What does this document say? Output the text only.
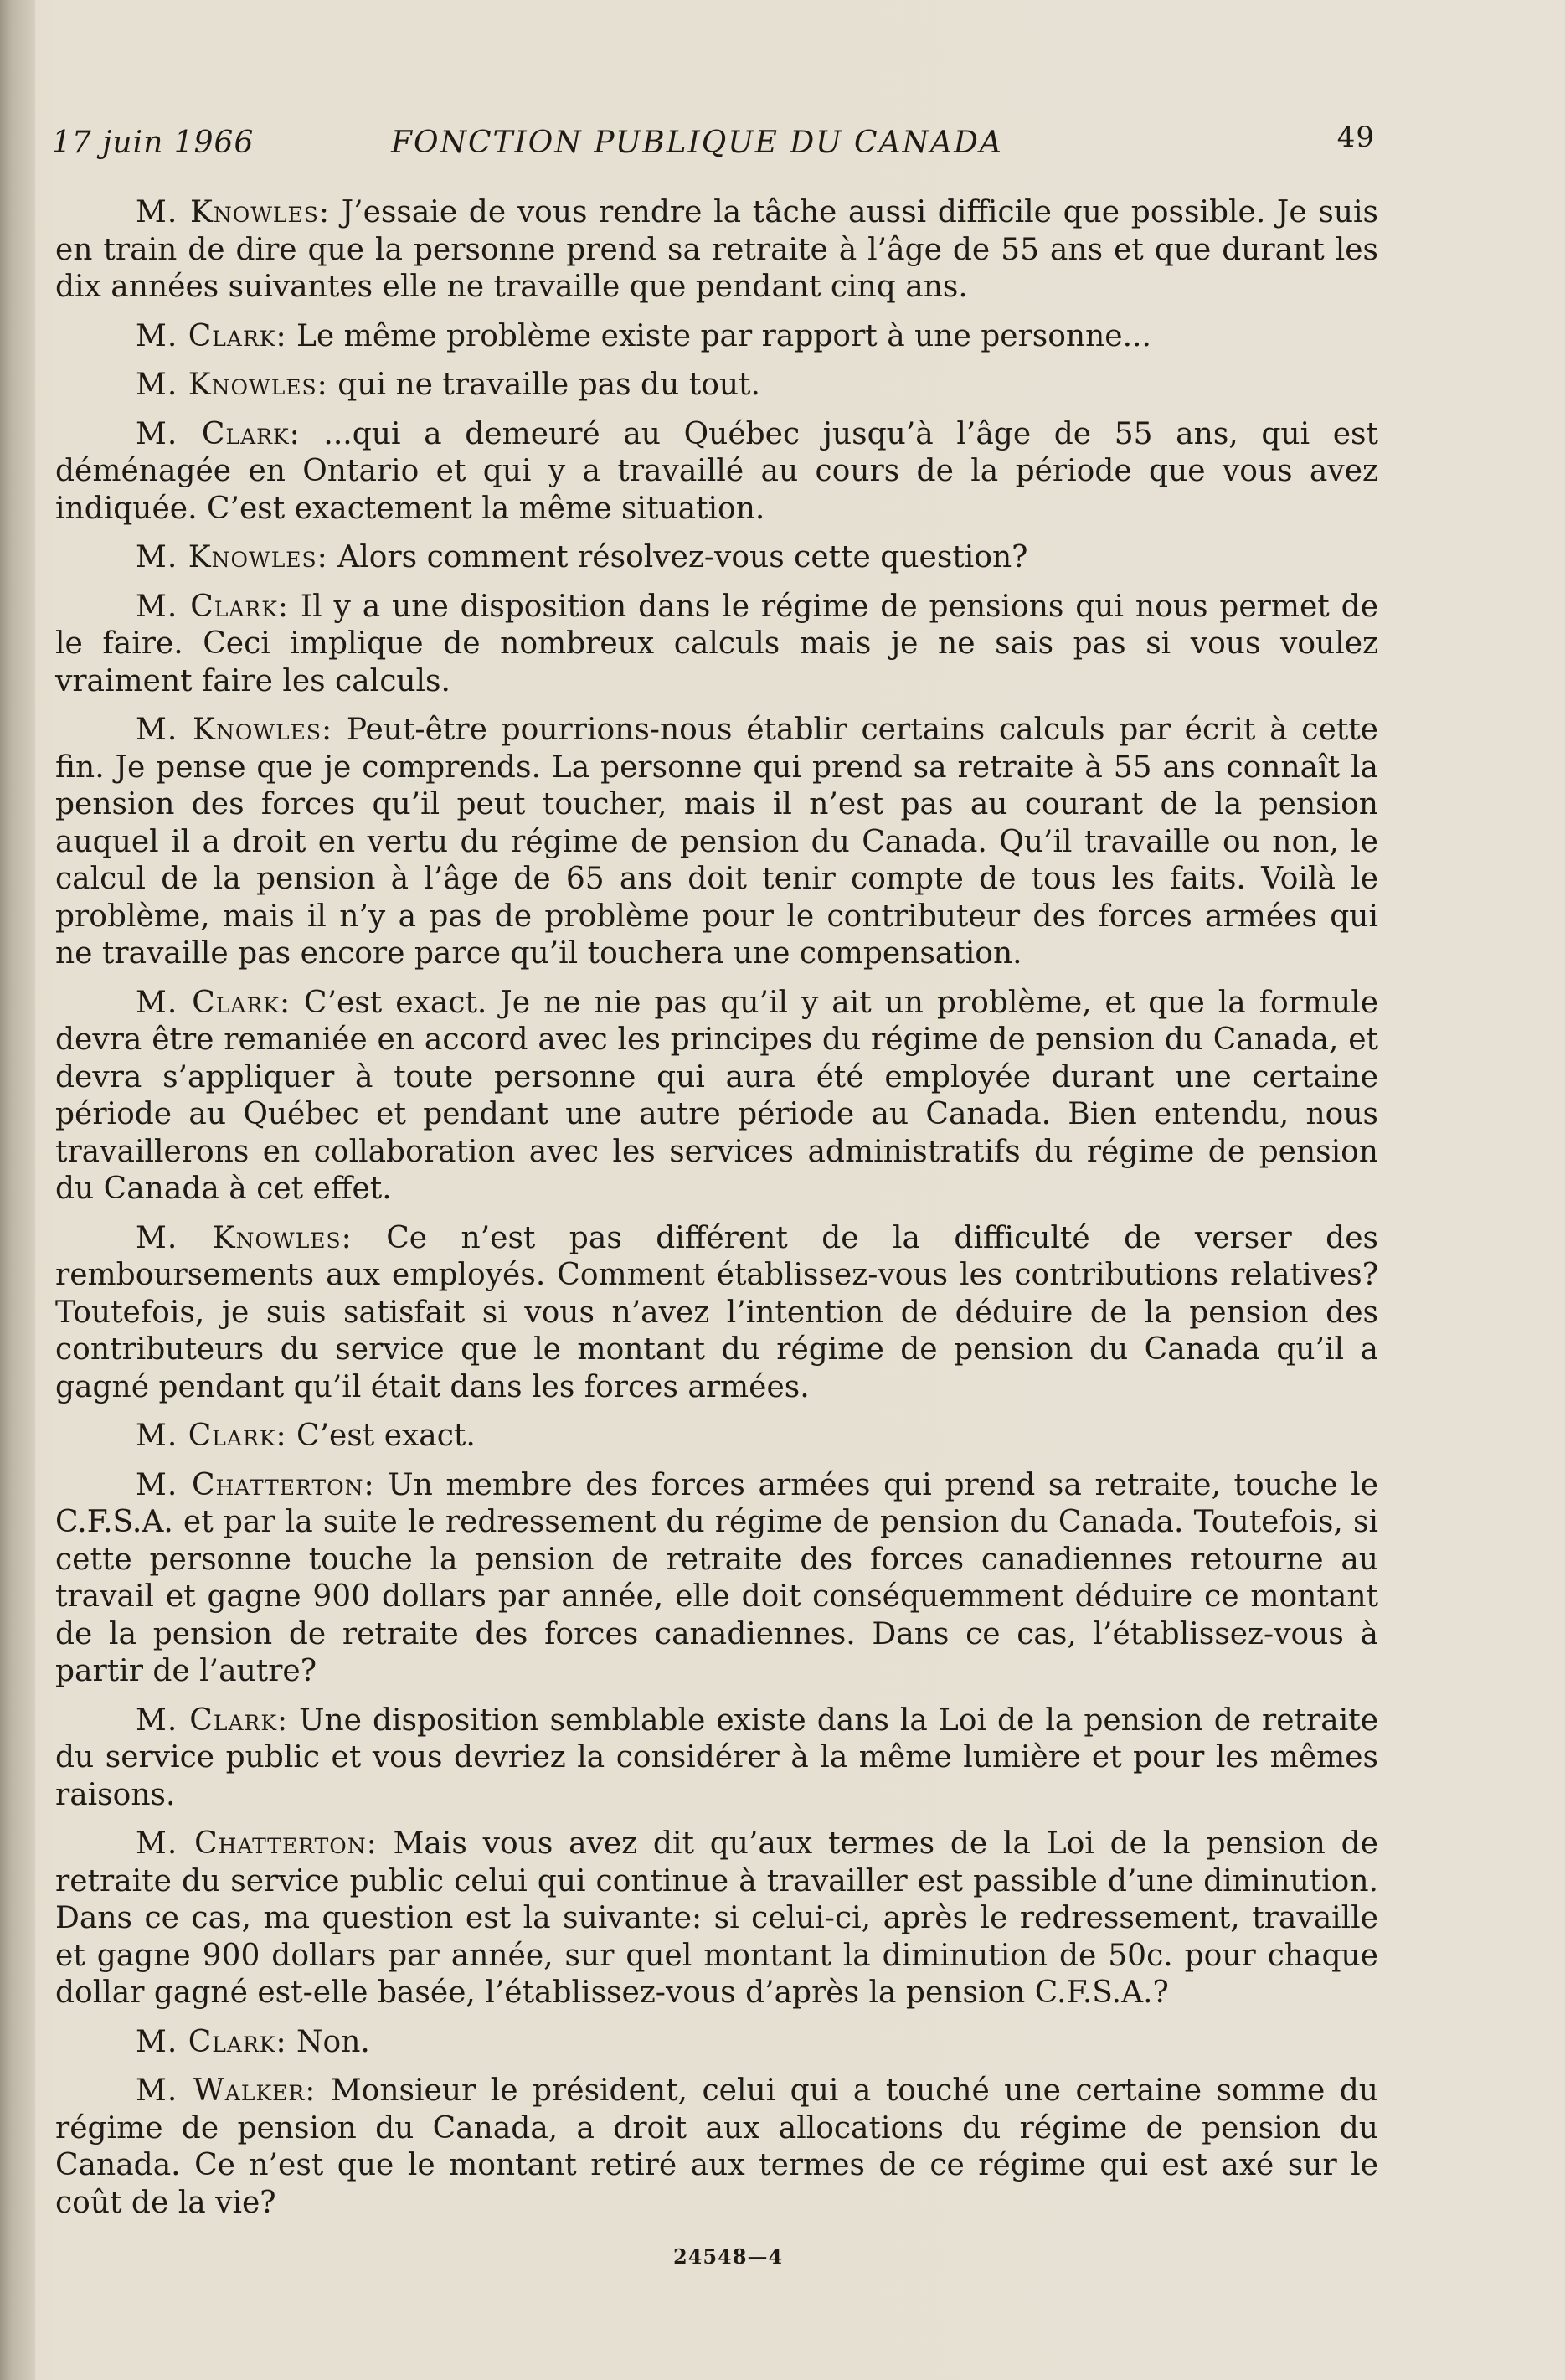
17 juin 1966	FONCTION PUBLIQUE DU CANADA	49

M. Knowles: J’essaie de vous rendre la tâche aussi difficile que possible. Je suis en train de dire que la personne prend sa retraite à l’âge de 55 ans et que durant les dix années suivantes elle ne travaille que pendant cinq ans.

M. Clark: Le même problème existe par rapport à une personne...

M. Knowles: qui ne travaille pas du tout.

M. Clark: ...qui a demeuré au Québec jusqu’à l’âge de 55 ans, qui est déménagée en Ontario et qui y a travaillé au cours de la période que vous avez indiquée. C’est exactement la même situation.

M. Knowles: Alors comment résolvez-vous cette question?

M. Clark: Il y a une disposition dans le régime de pensions qui nous permet de le faire. Ceci implique de nombreux calculs mais je ne sais pas si vous voulez vraiment faire les calculs.

M. Knowles: Peut-être pourrions-nous établir certains calculs par écrit à cette fin. Je pense que je comprends. La personne qui prend sa retraite à 55 ans connaît la pension des forces qu’il peut toucher, mais il n’est pas au courant de la pension auquel il a droit en vertu du régime de pension du Canada. Qu’il travaille ou non, le calcul de la pension à l’âge de 65 ans doit tenir compte de tous les faits. Voilà le problème, mais il n’y a pas de problème pour le contributeur des forces armées qui ne travaille pas encore parce qu’il touchera une compensation.

M. Clark: C’est exact. Je ne nie pas qu’il y ait un problème, et que la formule devra être remaniée en accord avec les principes du régime de pension du Canada, et devra s’appliquer à toute personne qui aura été employée durant une certaine période au Québec et pendant une autre période au Canada. Bien entendu, nous travaillerons en collaboration avec les services administratifs du régime de pension du Canada à cet effet.

M. Knowles: Ce n’est pas différent de la difficulté de verser des remboursements aux employés. Comment établissez-vous les contributions relatives? Toutefois, je suis satisfait si vous n’avez l’intention de déduire de la pension des contributeurs du service que le montant du régime de pension du Canada qu’il a gagné pendant qu’il était dans les forces armées.

M. Clark: C’est exact.

M. Chatterton: Un membre des forces armées qui prend sa retraite, touche le C.F.S.A. et par la suite le redressement du régime de pension du Canada. Toutefois, si cette personne touche la pension de retraite des forces canadiennes retourne au travail et gagne 900 dollars par année, elle doit conséquemment déduire ce montant de la pension de retraite des forces canadiennes. Dans ce cas, l’établissez-vous à partir de l’autre?

M. Clark: Une disposition semblable existe dans la Loi de la pension de retraite du service public et vous devriez la considérer à la même lumière et pour les mêmes raisons.

M. Chatterton: Mais vous avez dit qu’aux termes de la Loi de la pension de retraite du service public celui qui continue à travailler est passible d’une diminution. Dans ce cas, ma question est la suivante: si celui-ci, après le redressement, travaille et gagne 900 dollars par année, sur quel montant la diminution de 50c. pour chaque dollar gagné est-elle basée, l’établissez-vous d’après la pension C.F.S.A.?

M. Clark: Non.

M. Walker: Monsieur le président, celui qui a touché une certaine somme du régime de pension du Canada, a droit aux allocations du régime de pension du Canada. Ce n’est que le montant retiré aux termes de ce régime qui est axé sur le coût de la vie?

24548—4
